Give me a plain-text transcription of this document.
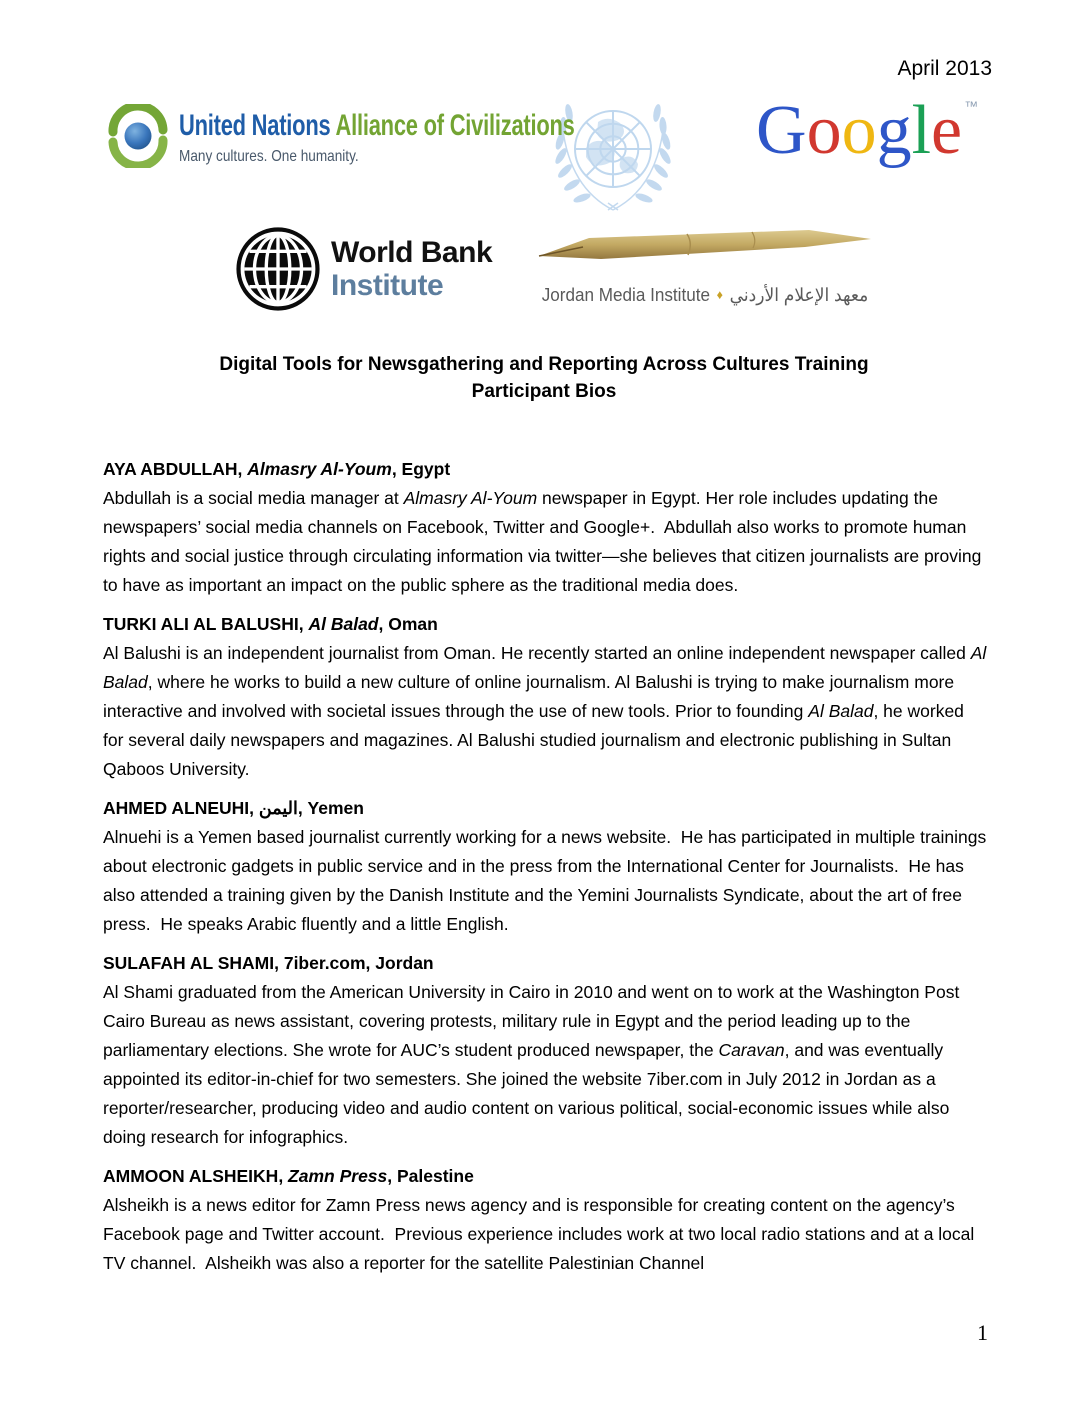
April 2013
United Nations Alliance of Civilizations
Many cultures. One humanity.	Google ™
World Bank
Institute	Jordan Media Institute ♦ معهد الإعلام الأردني
Digital Tools for Newsgathering and Reporting Across Cultures Training
Participant Bios
AYA ABDULLAH, Almasry Al-Youm, Egypt

Abdullah is a social media manager at Almasry Al-Youm newspaper in Egypt. Her role includes updating the newspapers’ social media channels on Facebook, Twitter and Google+.  Abdullah also works to promote human rights and social justice through circulating information via twitter—she believes that citizen journalists are proving to have as important an impact on the public sphere as the traditional media does.

TURKI ALI AL BALUSHI, Al Balad, Oman

Al Balushi is an independent journalist from Oman. He recently started an online independent newspaper called Al Balad, where he works to build a new culture of online journalism. Al Balushi is trying to make journalism more interactive and involved with societal issues through the use of new tools. Prior to founding Al Balad, he worked for several daily newspapers and magazines. Al Balushi studied journalism and electronic publishing in Sultan Qaboos University.

AHMED ALNEUHI, اليمن, Yemen

Alnuehi is a Yemen based journalist currently working for a news website.  He has participated in multiple trainings about electronic gadgets in public service and in the press from the International Center for Journalists.  He has also attended a training given by the Danish Institute and the Yemini Journalists Syndicate, about the art of free press.  He speaks Arabic fluently and a little English.

SULAFAH AL SHAMI, 7iber.com, Jordan

Al Shami graduated from the American University in Cairo in 2010 and went on to work at the Washington Post Cairo Bureau as news assistant, covering protests, military rule in Egypt and the period leading up to the parliamentary elections. She wrote for AUC’s student produced newspaper, the Caravan, and was eventually appointed its editor-in-chief for two semesters. She joined the website 7iber.com in July 2012 in Jordan as a reporter/researcher, producing video and audio content on various political, social-economic issues while also doing research for infographics.

AMMOON ALSHEIKH, Zamn Press, Palestine

Alsheikh is a news editor for Zamn Press news agency and is responsible for creating content on the agency’s Facebook page and Twitter account.  Previous experience includes work at two local radio stations and at a local TV channel.  Alsheikh was also a reporter for the satellite Palestinian Channel

1
